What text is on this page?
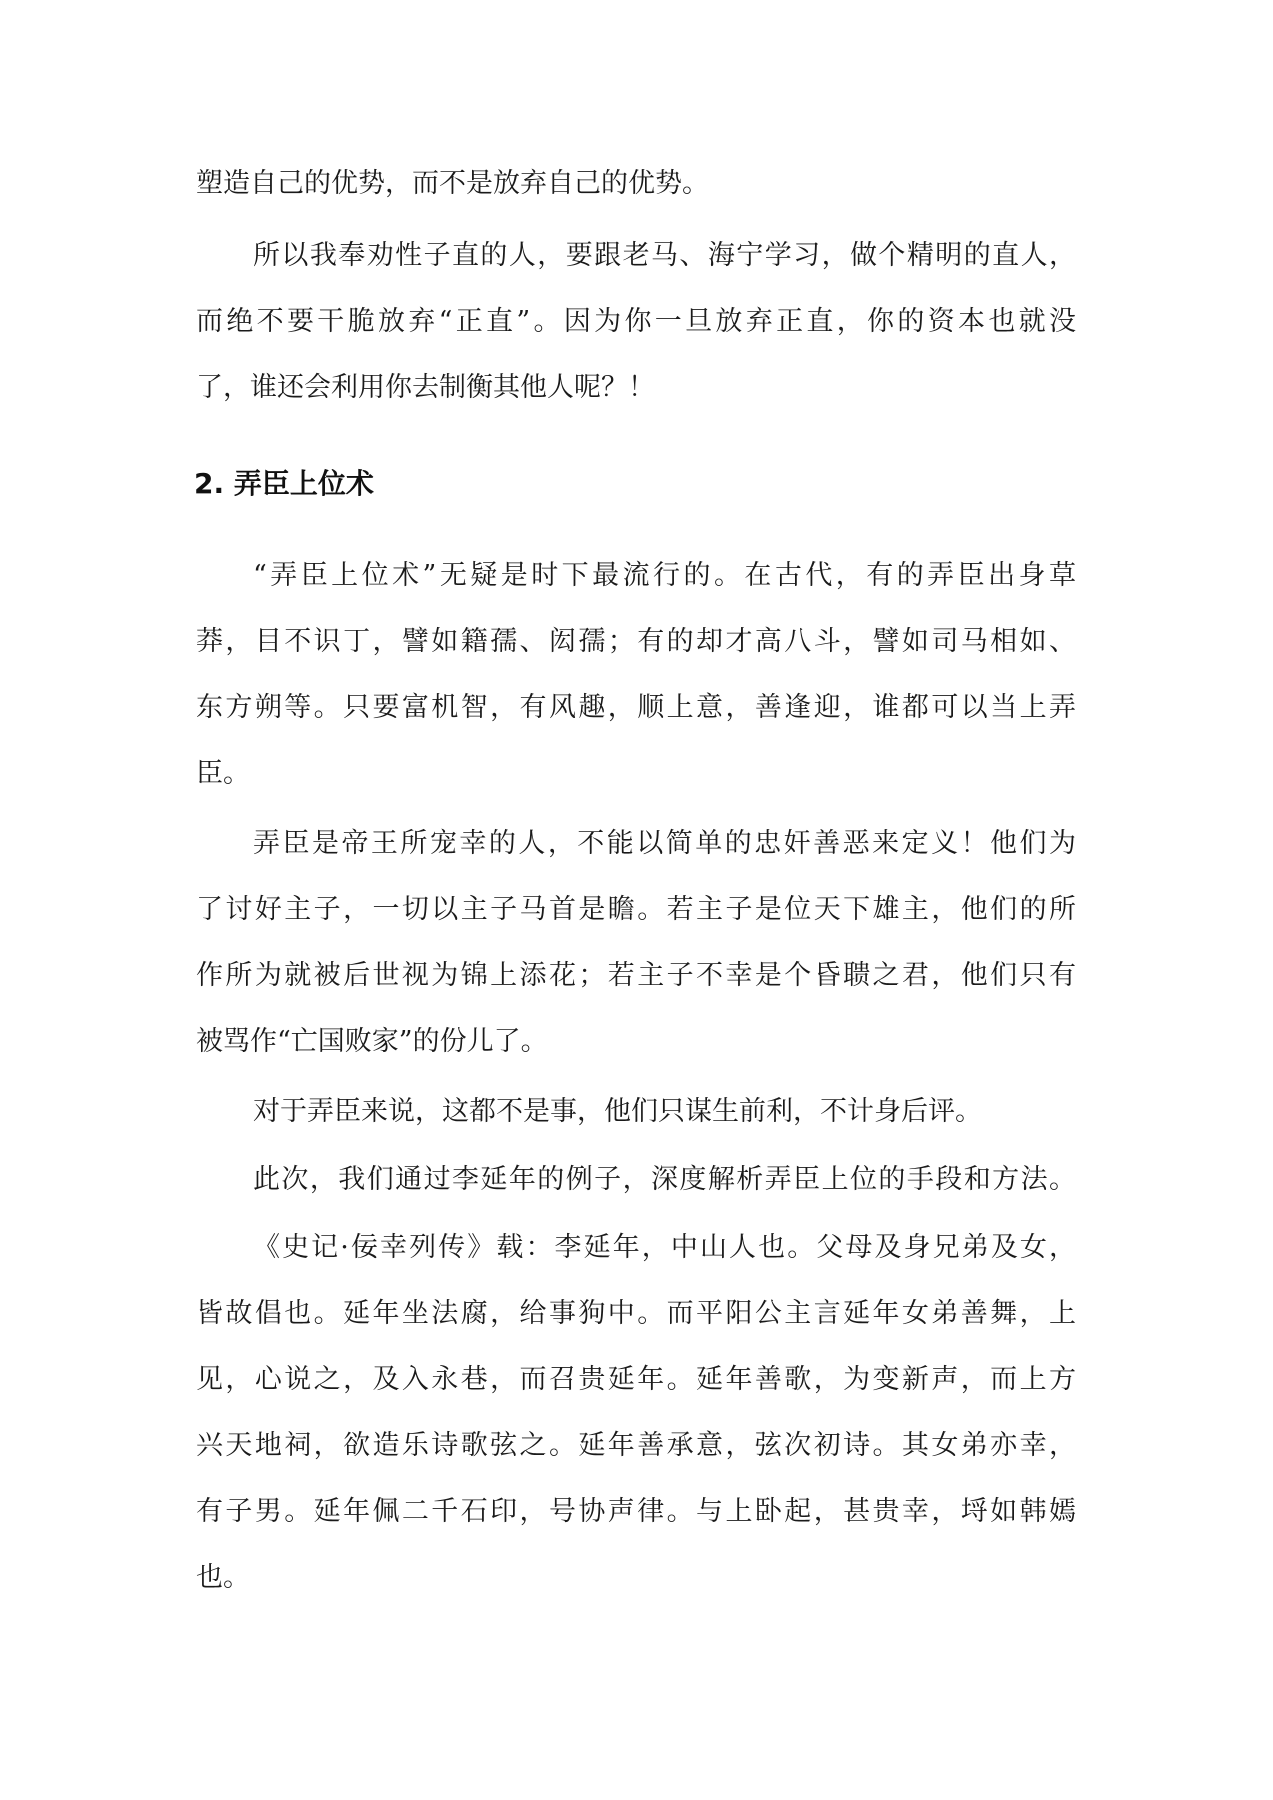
塑造自己的优势，而不是放弃自己的优势。
所以我奉劝性子直的人，要跟老马、海宁学习，做个精明的直人，
而绝不要干脆放弃“正直”。因为你一旦放弃正直，你的资本也就没
了，谁还会利用你去制衡其他人呢？！
2. 弄臣上位术
“弄臣上位术”无疑是时下最流行的。在古代，有的弄臣出身草
莽，目不识丁，譬如籍孺、闳孺；有的却才高八斗，譬如司马相如、
东方朔等。只要富机智，有风趣，顺上意，善逢迎，谁都可以当上弄
臣。
弄臣是帝王所宠幸的人，不能以简单的忠奸善恶来定义！他们为
了讨好主子，一切以主子马首是瞻。若主子是位天下雄主，他们的所
作所为就被后世视为锦上添花；若主子不幸是个昏聩之君，他们只有
被骂作“亡国败家”的份儿了。
对于弄臣来说，这都不是事，他们只谋生前利，不计身后评。
此次，我们通过李延年的例子，深度解析弄臣上位的手段和方法。
《史记·佞幸列传》载：李延年，中山人也。父母及身兄弟及女，
皆故倡也。延年坐法腐，给事狗中。而平阳公主言延年女弟善舞，上
见，心说之，及入永巷，而召贵延年。延年善歌，为变新声，而上方
兴天地祠，欲造乐诗歌弦之。延年善承意，弦次初诗。其女弟亦幸，
有子男。延年佩二千石印，号协声律。与上卧起，甚贵幸，埒如韩嫣
也。
